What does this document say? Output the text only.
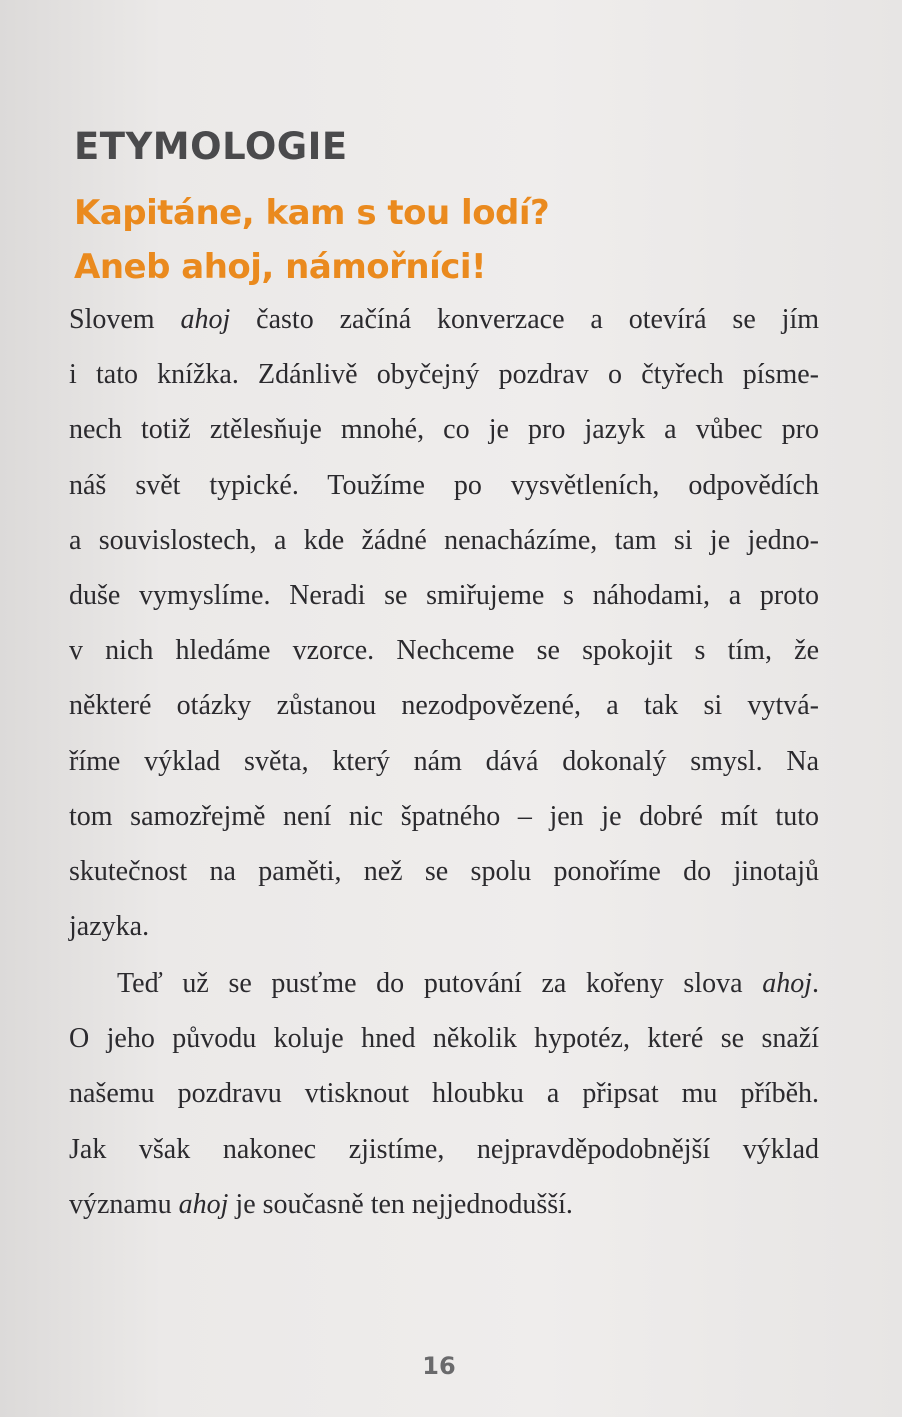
ETYMOLOGIE
Kapitáne, kam s tou lodí?
Aneb ahoj, námořníci!
Slovem ahoj často začíná konverzace a otevírá se jím
i tato knížka. Zdánlivě obyčejný pozdrav o čtyřech písme-
nech totiž ztělesňuje mnohé, co je pro jazyk a vůbec pro
náš svět typické. Toužíme po vysvětleních, odpovědích
a souvislostech, a kde žádné nenacházíme, tam si je jedno-
duše vymyslíme. Neradi se smiřujeme s náhodami, a proto
v nich hledáme vzorce. Nechceme se spokojit s tím, že
některé otázky zůstanou nezodpovězené, a tak si vytvá-
říme výklad světa, který nám dává dokonalý smysl. Na
tom samozřejmě není nic špatného – jen je dobré mít tuto
skutečnost na paměti, než se spolu ponoříme do jinotajů
jazyka.
Teď už se pusťme do putování za kořeny slova ahoj.
O jeho původu koluje hned několik hypotéz, které se snaží
našemu pozdravu vtisknout hloubku a připsat mu příběh.
Jak však nakonec zjistíme, nejpravděpodobnější výklad
významu ahoj je současně ten nejjednodušší.
16
